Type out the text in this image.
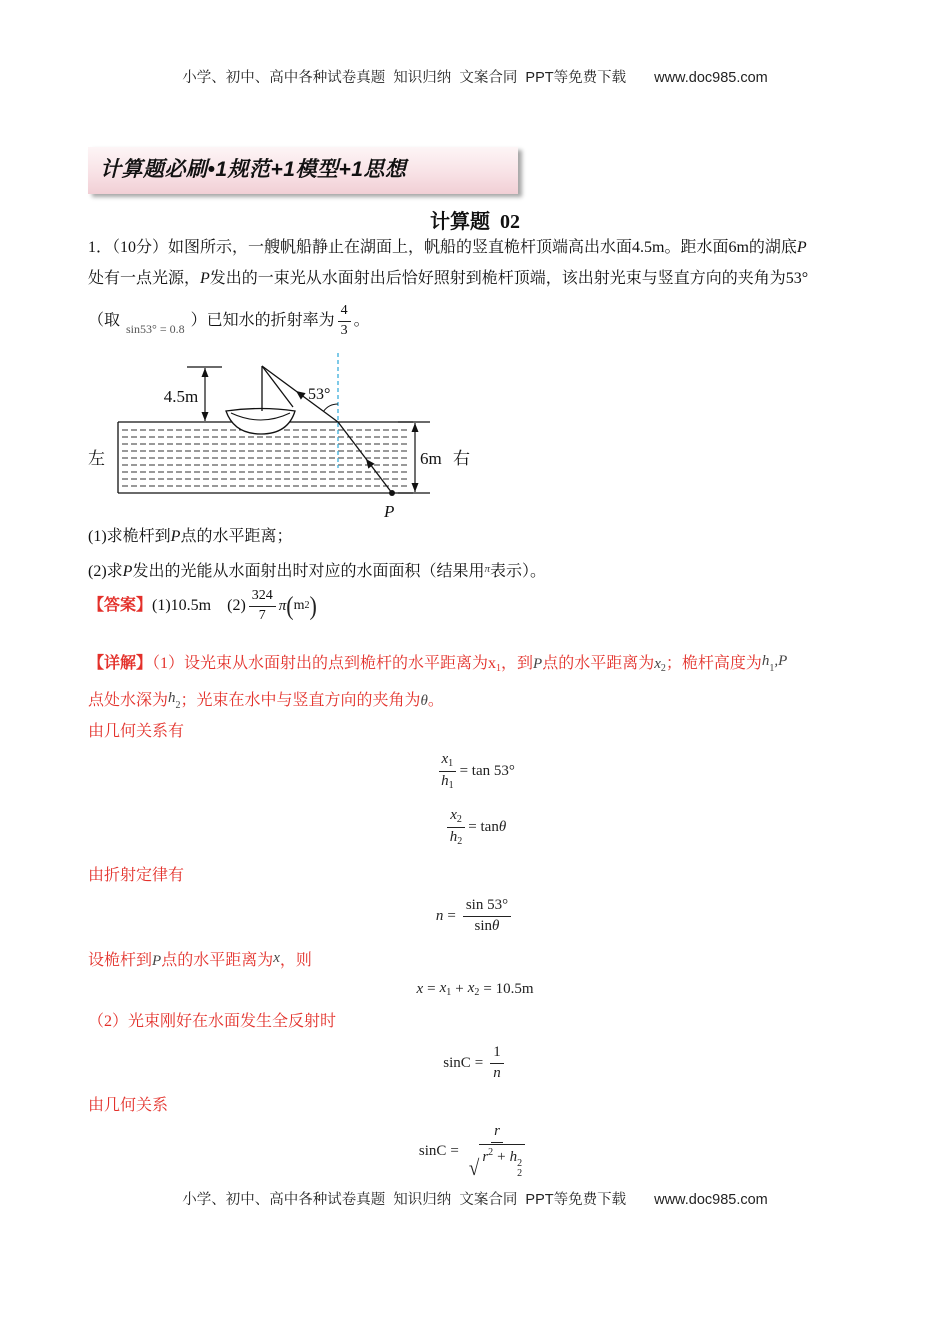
小学、初中、高中各种试卷真题  知识归纳  文案合同  PPT等免费下载 www.doc985.com
计算题必刷•1规范+1模型+1思想
计算题  02
1．（10分）如图所示，一艘帆船静止在湖面上，帆船的竖直桅杆顶端高出水面4.5m。距水面6m的湖底P
处有一点光源，P发出的一束光从水面射出后恰好照射到桅杆顶端，该出射光束与竖直方向的夹角为53°
（取 sin53° = 0.8 ）已知水的折射率为 $\frac{4}{3}$ 。
4.5m
6m 右
左
53°
P
(1)求桅杆到P点的水平距离；
(2)求P发出的光能从水面射出时对应的水面面积（结果用$^\pi$表示）。
【答案】 (1)10.5m $(2) \frac{324}{7}$ π ( m 2 )
【详解】（1）设光束从水面射出的点到桅杆的水平距离为x1，到P点的水平距离为x2；桅杆高度为h1,P
点处水深为h2；光束在水中与竖直方向的夹角为θ。
由几何关系有
$\frac{x_1}{h_1} = \tan 53^\circ$
$\frac{x_2}{h_2} = \tan \theta$
由折射定律有
$n = \frac{\sin 53^\circ}{\sin\theta}$
设桅杆到P点的水平距离为x，则
$x = x_1 + x_2 = 10.5m$
（2）光束刚好在水面发生全反射时
$\sin C = \frac{1}{n}$
由几何关系
sin C = r
√ $r^2 + h$ 2
2
小学、初中、高中各种试卷真题  知识归纳  文案合同  PPT等免费下载 www.doc985.com
